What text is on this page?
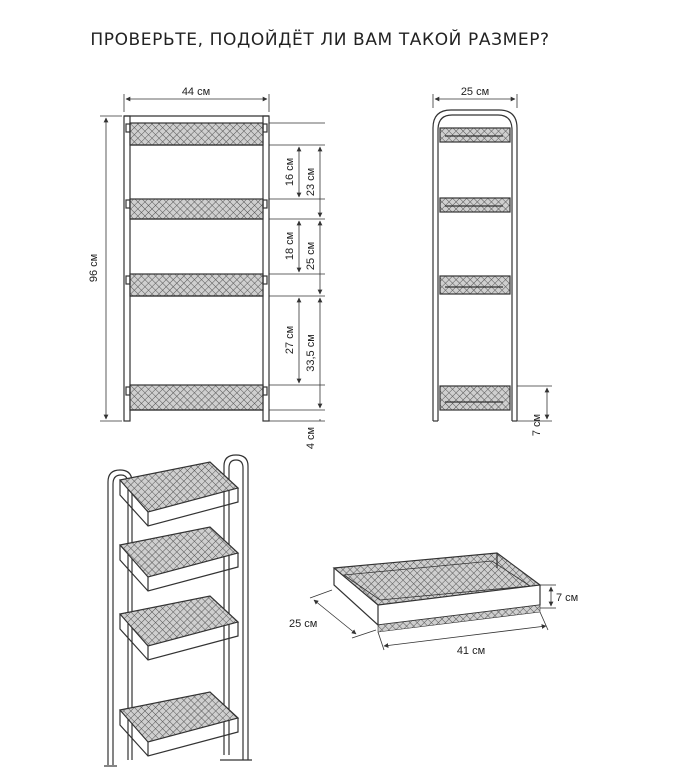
ПРОВЕРЬТЕ, ПОДОЙДЁТ ЛИ ВАМ ТАКОЙ РАЗМЕР?
44 см
96 см
16 см 23 см
18 см 25 см
27 см 33,5 см
4 см
25 см
7 см
7 см
25 см
41 см
